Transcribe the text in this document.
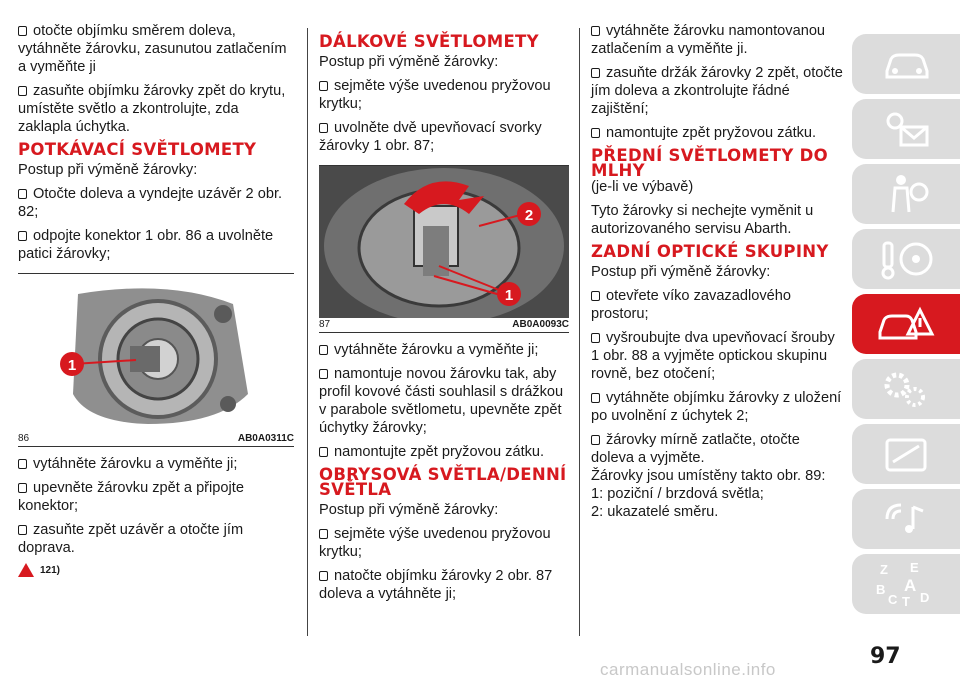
otočte objímku směrem doleva, vytáhněte žárovku, zasunutou zatlačením a vyměňte ji

zasuňte objímku žárovky zpět do krytu, umístěte světlo a zkontrolujte, zda zaklapla úchytka.

POTKÁVACÍ SVĚTLOMETY

Postup při výměně žárovky:

Otočte doleva a vyndejte uzávěr 2 obr. 82;

odpojte konektor 1 obr. 86 a uvolněte patici žárovky;

1
86	AB0A0311C

vytáhněte žárovku a vyměňte ji;

upevněte žárovku zpět a připojte konektor;

zasuňte zpět uzávěr a otočte jím doprava.

121)
DÁLKOVÉ SVĚTLOMETY

Postup při výměně žárovky:

sejměte výše uvedenou pryžovou krytku;

uvolněte dvě upevňovací svorky žárovky 1 obr. 87;

2
1
87	AB0A0093C

vytáhněte žárovku a vyměňte ji;

namontuje novou žárovku tak, aby profil kovové části souhlasil s drážkou v parabole světlometu, upevněte zpět úchytky žárovky;

namontujte zpět pryžovou zátku.

OBRYSOVÁ SVĚTLA/DENNÍ SVĚTLA

Postup při výměně žárovky:

sejměte výše uvedenou pryžovou krytku;

natočte objímku žárovky 2 obr. 87 doleva a vytáhněte ji;

vytáhněte žárovku namontovanou zatlačením a vyměňte ji.

zasuňte držák žárovky 2 zpět, otočte jím doleva a zkontrolujte řádné zajištění;

namontujte zpět pryžovou zátku.

PŘEDNÍ SVĚTLOMETY DO MLHY

(je-li ve výbavě)

Tyto žárovky si nechejte vyměnit u autorizovaného servisu Abarth.

ZADNÍ OPTICKÉ SKUPINY

Postup při výměně žárovky:

otevřete víko zavazadlového prostoru;

vyšroubujte dva upevňovací šrouby 1 obr. 88 a vyjměte optickou skupinu rovně, bez otočení;

vytáhněte objímku žárovky z uložení po uvolnění z úchytek 2;

žárovky mírně zatlačte, otočte doleva a vyjměte.

Žárovky jsou umístěny takto obr. 89:

1: poziční / brzdová světla;

2: ukazatelé směru.

Z E
B A
C T D
97
carmanualsonline.info
